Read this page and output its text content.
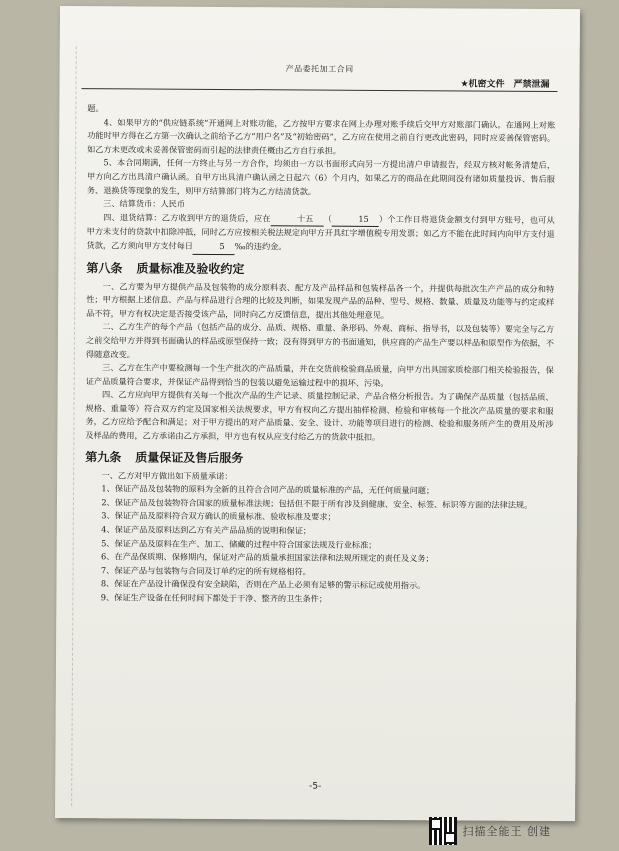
产品委托加工合同
★机密文件　严禁泄漏

题。

4、如果甲方的“供应链系统”开通网上对账功能，乙方按甲方要求在网上办理对账手续后交甲方对账部门确认。在通网上对账功能时甲方得在乙方第一次确认之前给予乙方“用户名”及“初始密码”，乙方应在使用之前自行更改此密码，同时应妥善保管密码。如乙方未更改或未妥善保管密码而引起的法律责任概由乙方自行承担。

5、本合同期满，任何一方终止与另一方合作，均须由一方以书面形式向另一方提出清户申请报告，经双方核对帐务清楚后，甲方向乙方出具清户确认函。自甲方出具清户确认函之日起六（6）个月内，如果乙方的商品在此期间没有诸如质量投诉、售后服务、退换货等现象的发生，则甲方结算部门将为乙方结清货款。

三、结算货币：人民币

四、退货结算：乙方收到甲方的退货后，应在	十五 （	15 ）个工作日将退货金额支付到甲方账号，也可从甲方未支付的贷款中扣除冲抵，同时乙方应按相关税法规定向甲方开具红字增值税专用发票；如乙方不能在此时间内向甲方支付退货款，乙方须向甲方支付每日	5 ‰的违约金。

第八条 质量标准及验收约定

一、乙方要为甲方提供产品及包装物的成分原料表、配方及产品样品和包装样品各一个，并提供每批次生产产品的成分和特性；甲方根据上述信息、产品与样品进行合理的比较及判断，如果发现产品的品种、型号、规格、数量、质量及功能等与约定或样品不符，甲方有权决定是否接受该产品，同时向乙方反馈信息，提出其他处理意见。

二、乙方生产的每个产品（包括产品的成分、品质、规格、重量、条形码、外观、商标、指导书，以及包装等）要完全与乙方之前交给甲方并得到书面确认的样品或原型保持一致；没有得到甲方的书面通知，供应商的产品生产要以样品和原型作为依据，不得随意改变。

三、乙方在生产中要检测每一个生产批次的产品质量，并在交货前检验商品质量，向甲方出具国家质检部门相关检验报告，保证产品质量符合要求，并保证产品得到恰当的包装以避免运输过程中的损坏、污染。

四、乙方应向甲方提供有关每一个批次产品的生产记录、质量控制记录、产品合格分析报告。为了确保产品质量（包括品质、规格、重量等）符合双方约定及国家相关法规要求，甲方有权向乙方提出抽样检测、检验和审核每一个批次产品质量的要求和服务，乙方应给予配合和满足；对于甲方提出的对产品质量、安全、设计、功能等项目进行的检测、检验和服务所产生的费用及所涉及样品的费用，乙方承诺由乙方承担，甲方也有权从应支付给乙方的货款中抵扣。

第九条 质量保证及售后服务

一、乙方对甲方做出如下质量承诺：

1、保证产品及包装物的原料为全新的且符合合同产品的质量标准的产品，无任何质量问题；

2、保证产品及包装物符合国家的质量标准法规；包括但不限于所有涉及到健康、安全、标签、标识等方面的法律法规。

3、保证产品及原料符合双方确认的质量标准、验收标准及要求；

4、保证产品及原料达到乙方有关产品品质的说明和保证；

5、保证产品及原料在生产、加工、储藏的过程中符合国家法规及行业标准；

6、在产品保质期、保修期内，保证对产品的质量承担国家法律和法规所规定的责任及义务；

7、保证产品与包装物与合同及订单约定的所有规格相符。

8、保证在产品设计确保没有安全缺陷，否则在产品上必须有足够的警示标记或使用指示。

9、保证生产设备在任何时间下都处于干净、整齐的卫生条件；

-5-
扫描全能王 创建
